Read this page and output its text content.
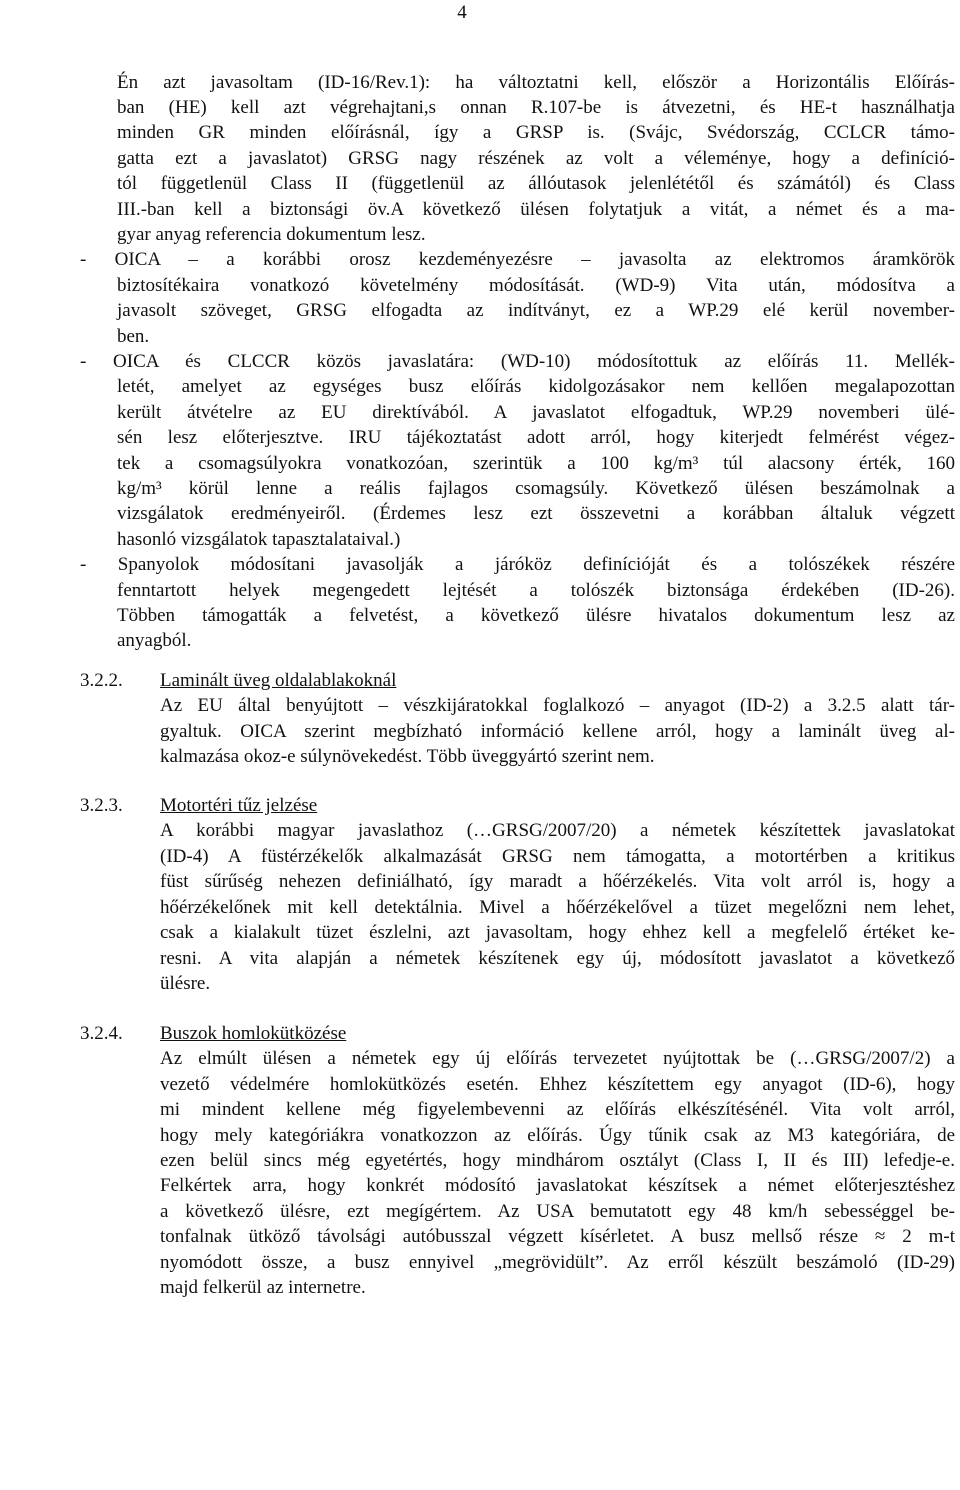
4
Én azt javasoltam (ID-16/Rev.1): ha változtatni kell, először a Horizontális Előírás-
ban (HE) kell azt végrehajtani,s onnan R.107-be is átvezetni, és HE-t használhatja
minden GR minden előírásnál, így a GRSP is. (Svájc, Svédország, CCLCR támo-
gatta ezt a javaslatot) GRSG nagy részének az volt a véleménye, hogy a definíció-
tól függetlenül Class II (függetlenül az állóutasok jelenlététől és számától) és Class
III.-ban kell a biztonsági öv.A következő ülésen folytatjuk a vitát, a német és a ma-
gyar anyag referencia dokumentum lesz.
- OICA – a korábbi orosz kezdeményezésre – javasolta az elektromos áramkörök
biztosítékaira vonatkozó követelmény módosítását. (WD-9) Vita után, módosítva a
javasolt szöveget, GRSG elfogadta az indítványt, ez a WP.29 elé kerül november-
ben.
- OICA és CLCCR közös javaslatára: (WD-10) módosítottuk az előírás 11. Mellék-
letét, amelyet az egységes busz előírás kidolgozásakor nem kellően megalapozottan
került átvételre az EU direktívából. A javaslatot elfogadtuk, WP.29 novemberi ülé-
sén lesz előterjesztve. IRU tájékoztatást adott arról, hogy kiterjedt felmérést végez-
tek a csomagsúlyokra vonatkozóan, szerintük a 100 kg/m³ túl alacsony érték, 160
kg/m³ körül lenne a reális fajlagos csomagsúly. Következő ülésen beszámolnak a
vizsgálatok eredményeiről. (Érdemes lesz ezt összevetni a korábban általuk végzett
hasonló vizsgálatok tapasztalataival.)
- Spanyolok módosítani javasolják a járóköz definícióját és a tolószékek részére
fenntartott helyek megengedett lejtését a tolószék biztonsága érdekében (ID-26).
Többen támogatták a felvetést, a következő ülésre hivatalos dokumentum lesz az
anyagból.
3.2.2. Laminált üveg oldalablakoknál
Az EU által benyújtott – vészkijáratokkal foglalkozó – anyagot (ID-2) a 3.2.5 alatt tár-
gyaltuk. OICA szerint megbízható információ kellene arról, hogy a laminált üveg al-
kalmazása okoz-e súlynövekedést. Több üveggyártó szerint nem.
3.2.3. Motortéri tűz jelzése
A korábbi magyar javaslathoz (…GRSG/2007/20) a németek készítettek javaslatokat
(ID-4) A füstérzékelők alkalmazását GRSG nem támogatta, a motortérben a kritikus
füst sűrűség nehezen definiálható, így maradt a hőérzékelés. Vita volt arról is, hogy a
hőérzékelőnek mit kell detektálnia. Mivel a hőérzékelővel a tüzet megelőzni nem lehet,
csak a kialakult tüzet észlelni, azt javasoltam, hogy ehhez kell a megfelelő értéket ke-
resni. A vita alapján a németek készítenek egy új, módosított javaslatot a következő
ülésre.
3.2.4. Buszok homlokütközése
Az elmúlt ülésen a németek egy új előírás tervezetet nyújtottak be (…GRSG/2007/2) a
vezető védelmére homlokütközés esetén. Ehhez készítettem egy anyagot (ID-6), hogy
mi mindent kellene még figyelembevenni az előírás elkészítésénél. Vita volt arról,
hogy mely kategóriákra vonatkozzon az előírás. Úgy tűnik csak az M3 kategóriára, de
ezen belül sincs még egyetértés, hogy mindhárom osztályt (Class I, II és III) lefedje-e.
Felkértek arra, hogy konkrét módosító javaslatokat készítsek a német előterjesztéshez
a következő ülésre, ezt megígértem. Az USA bemutatott egy 48 km/h sebességgel be-
tonfalnak ütköző távolsági autóbusszal végzett kísérletet. A busz mellső része ≈ 2 m-t
nyomódott össze, a busz ennyivel „megrövidült”. Az erről készült beszámoló (ID-29)
majd felkerül az internetre.
